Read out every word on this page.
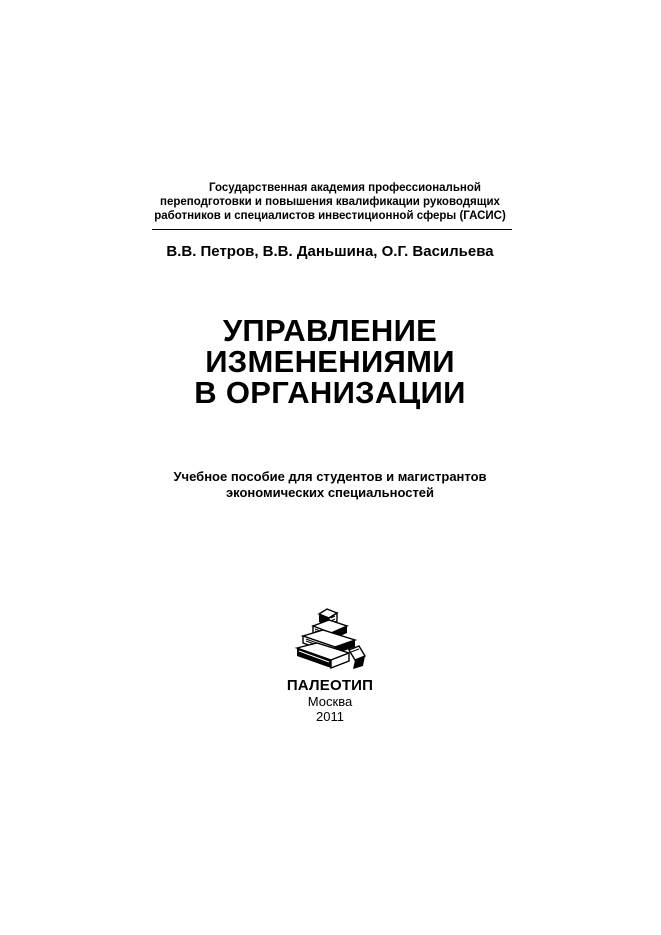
Государственная академия профессиональной
переподготовки и повышения квалификации руководящих
работников и специалистов инвестиционной сферы (ГАСИС)
В.В. Петров, В.В. Даньшина, О.Г. Васильева
УПРАВЛЕНИЕ
ИЗМЕНЕНИЯМИ
В ОРГАНИЗАЦИИ
Учебное пособие для студентов и магистрантов
экономических специальностей
ПАЛЕОТИП
Москва
2011
